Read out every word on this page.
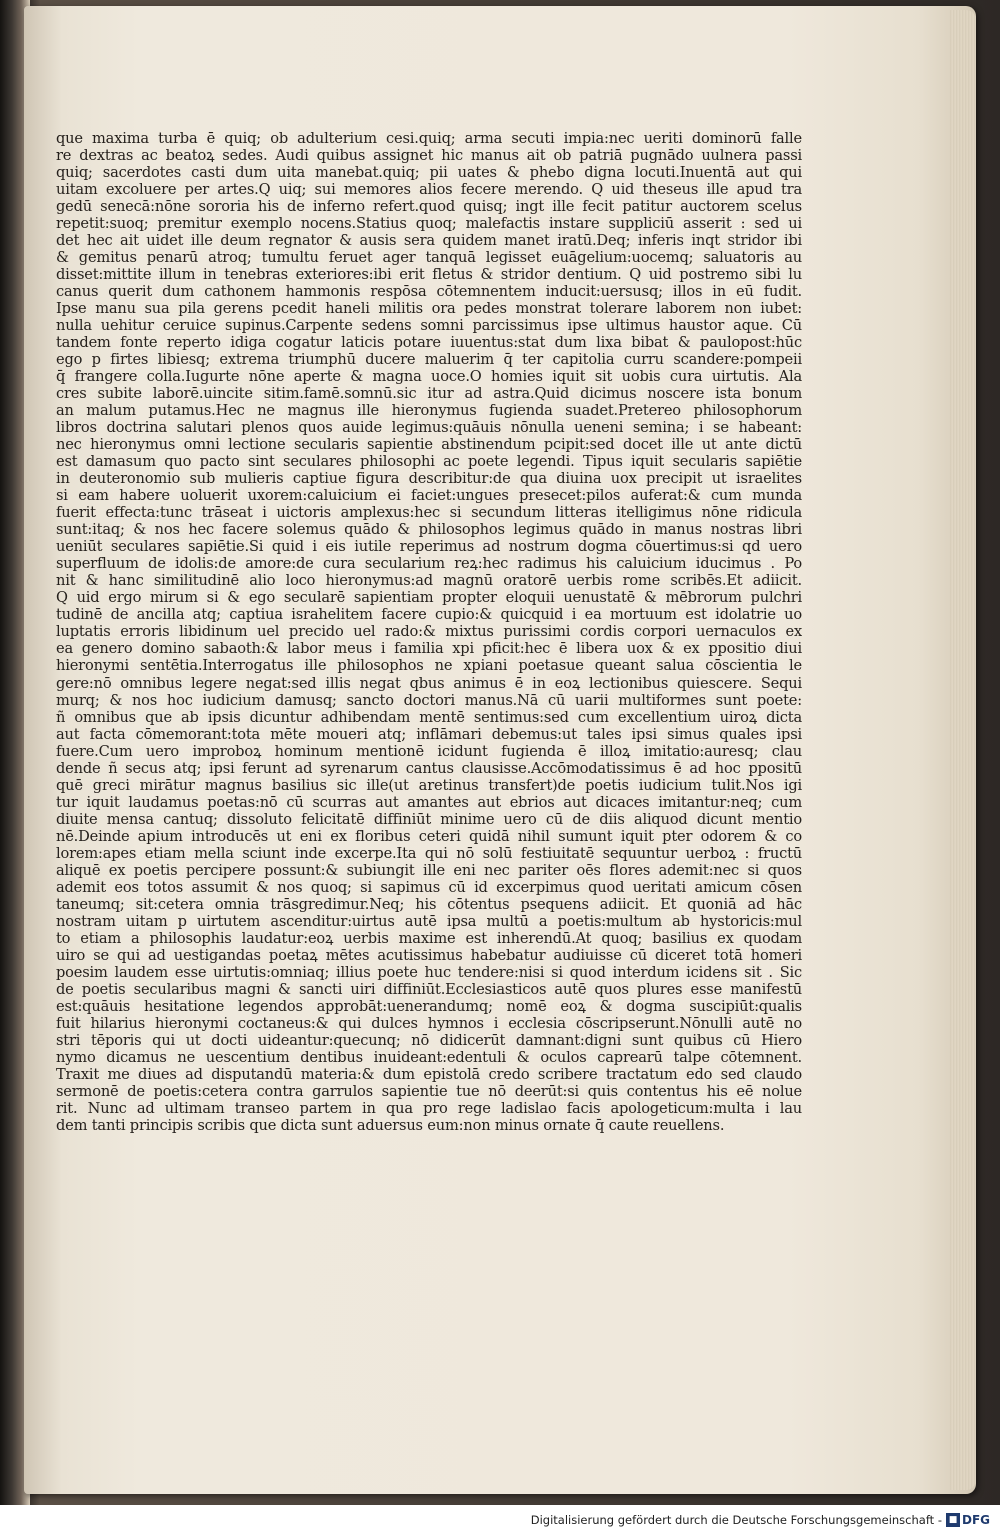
que maxima turba ē quiq; ob adulterium cesi.quiq; arma secuti impia:nec ueriti dominorū falle
re dextras ac beatoꝝ sedes. Audi quibus assignet hic manus ait ob patriā pugnādo uulnera passi
quiq; sacerdotes casti dum uita manebat.quiq; pii uates & phebo digna locuti.Inuentā aut qui
uitam excoluere per artes.Q uiq; sui memores alios fecere merendo. Q uid theseus ille apud tra
gedū senecā:nōne sororia his de inferno refert.quod quisq; ingt ille fecit patitur auctorem scelus
repetit:suoq; premitur exemplo nocens.Statius quoq; malefactis instare suppliciū asserit : sed ui
det hec ait uidet ille deum regnator & ausis sera quidem manet iratū.Deq; inferis inqt stridor ibi
& gemitus penarū atroq; tumultu feruet ager tanquā legisset euāgelium:uocemq; saluatoris au
disset:mittite illum in tenebras exteriores:ibi erit fletus & stridor dentium. Q uid postremo sibi lu
canus querit dum cathonem hammonis respōsa cōtemnentem inducit:uersusq; illos in eū fudit.
Ipse manu sua pila gerens pcedit haneli militis ora pedes monstrat tolerare laborem non iubet:
nulla uehitur ceruice supinus.Carpente sedens somni parcissimus ipse ultimus haustor aque. Cū
tandem fonte reperto idiga cogatur laticis potare iuuentus:stat dum lixa bibat & paulopost:hūc
ego p firtes libiesq; extrema triumphū ducere maluerim q̄ ter capitolia curru scandere:pompeii
q̄ frangere colla.Iugurte nōne aperte & magna uoce.O homies iquit sit uobis cura uirtutis. Ala
cres subite laborē.uincite sitim.famē.somnū.sic itur ad astra.Quid dicimus noscere ista bonum
an malum putamus.Hec ne magnus ille hieronymus fugienda suadet.Pretereo philosophorum
libros doctrina salutari plenos quos auide legimus:quāuis nōnulla ueneni semina; i se habeant:
nec hieronymus omni lectione secularis sapientie abstinendum pcipit:sed docet ille ut ante dictū
est damasum quo pacto sint seculares philosophi ac poete legendi. Tipus iquit secularis sapiētie
in deuteronomio sub mulieris captiue figura describitur:de qua diuina uox precipit ut israelites
si eam habere uoluerit uxorem:caluicium ei faciet:ungues presecet:pilos auferat:& cum munda
fuerit effecta:tunc trāseat i uictoris amplexus:hec si secundum litteras itelligimus nōne ridicula
sunt:itaq; & nos hec facere solemus quādo & philosophos legimus quādo in manus nostras libri
ueniūt seculares sapiētie.Si quid i eis iutile reperimus ad nostrum dogma cōuertimus:si qd uero
superfluum de idolis:de amore:de cura secularium reꝝ:hec radimus his caluicium iducimus . Po
nit & hanc similitudinē alio loco hieronymus:ad magnū oratorē uerbis rome scribēs.Et adiicit.
Q uid ergo mirum si & ego secularē sapientiam propter eloquii uenustatē & mēbrorum pulchri
tudinē de ancilla atq; captiua israhelitem facere cupio:& quicquid i ea mortuum est idolatrie uo
luptatis erroris libidinum uel precido uel rado:& mixtus purissimi cordis corpori uernaculos ex
ea genero domino sabaoth:& labor meus i familia xpi pficit:hec ē libera uox & ex ppositio diui
hieronymi sentētia.Interrogatus ille philosophos ne xpiani poetasue queant salua cōscientia le
gere:nō omnibus legere negat:sed illis negat qbus animus ē in eoꝝ lectionibus quiescere. Sequi
murq; & nos hoc iudicium damusq; sancto doctori manus.Nā cū uarii multiformes sunt poete:
ñ omnibus que ab ipsis dicuntur adhibendam mentē sentimus:sed cum excellentium uiroꝝ dicta
aut facta cōmemorant:tota mēte moueri atq; inflāmari debemus:ut tales ipsi simus quales ipsi
fuere.Cum uero improboꝝ hominum mentionē icidunt fugienda ē illoꝝ imitatio:auresq; clau
dende ñ secus atq; ipsi ferunt ad syrenarum cantus clausisse.Accōmodatissimus ē ad hoc ppositū
quē greci mirātur magnus basilius sic ille(ut aretinus transfert)de poetis iudicium tulit.Nos igi
tur iquit laudamus poetas:nō cū scurras aut amantes aut ebrios aut dicaces imitantur:neq; cum
diuite mensa cantuq; dissoluto felicitatē diffiniūt minime uero cū de diis aliquod dicunt mentio
nē.Deinde apium introducēs ut eni ex floribus ceteri quidā nihil sumunt iquit pter odorem & co
lorem:apes etiam mella sciunt inde excerpe.Ita qui nō solū festiuitatē sequuntur uerboꝝ : fructū
aliquē ex poetis percipere possunt:& subiungit ille eni nec pariter oēs flores ademit:nec si quos
ademit eos totos assumit & nos quoq; si sapimus cū id excerpimus quod ueritati amicum cōsen
taneumq; sit:cetera omnia trāsgredimur.Neq; his cōtentus psequens adiicit. Et quoniā ad hāc
nostram uitam p uirtutem ascenditur:uirtus autē ipsa multū a poetis:multum ab hystoricis:mul
to etiam a philosophis laudatur:eoꝝ uerbis maxime est inherendū.At quoq; basilius ex quodam
uiro se qui ad uestigandas poetaꝝ mētes acutissimus habebatur audiuisse cū diceret totā homeri
poesim laudem esse uirtutis:omniaq; illius poete huc tendere:nisi si quod interdum icidens sit . Sic
de poetis secularibus magni & sancti uiri diffiniūt.Ecclesiasticos autē quos plures esse manifestū
est:quāuis hesitatione legendos approbāt:uenerandumq; nomē eoꝝ & dogma suscipiūt:qualis
fuit hilarius hieronymi coctaneus:& qui dulces hymnos i ecclesia cōscripserunt.Nōnulli autē no
stri tēporis qui ut docti uideantur:quecunq; nō didicerūt damnant:digni sunt quibus cū Hiero
nymo dicamus ne uescentium dentibus inuideant:edentuli & oculos caprearū talpe cōtemnent.
Traxit me diues ad disputandū materia:& dum epistolā credo scribere tractatum edo sed claudo
sermonē de poetis:cetera contra garrulos sapientie tue nō deerūt:si quis contentus his eē nolue
rit. Nunc ad ultimam transeo partem in qua pro rege ladislao facis apologeticum:multa i lau
dem tanti principis scribis que dicta sunt aduersus eum:non minus ornate q̄ caute reuellens.
Digitalisierung gefördert durch die Deutsche Forschungsgemeinschaft - ■ DFG
